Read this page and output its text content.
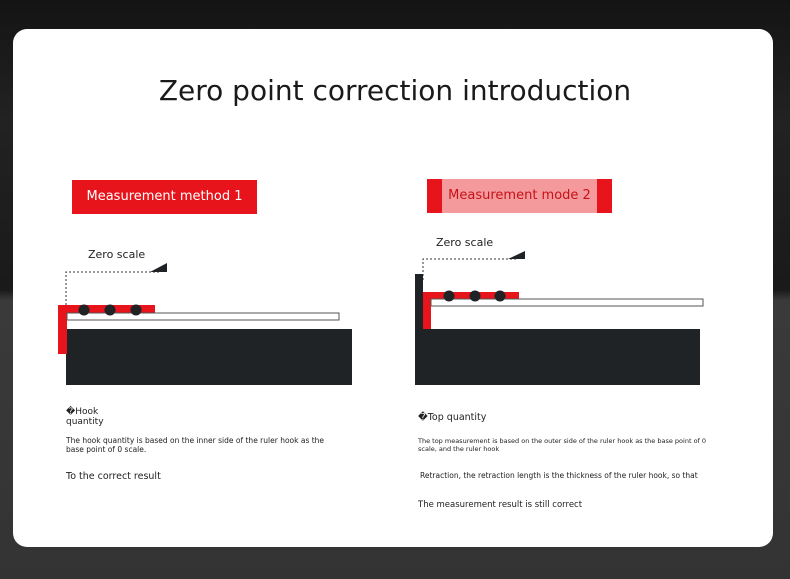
Zero point correction introduction
Measurement method 1	Measurement mode 2
Zero scale
Zero scale
�Hook
quantity
The hook quantity is based on the inner side of the ruler hook as the base point of 0 scale.
To the correct result
�Top quantity
The top measurement is based on the outer side of the ruler hook as the base point of 0 scale, and the ruler hook
Retraction, the retraction length is the thickness of the ruler hook, so that
The measurement result is still correct
